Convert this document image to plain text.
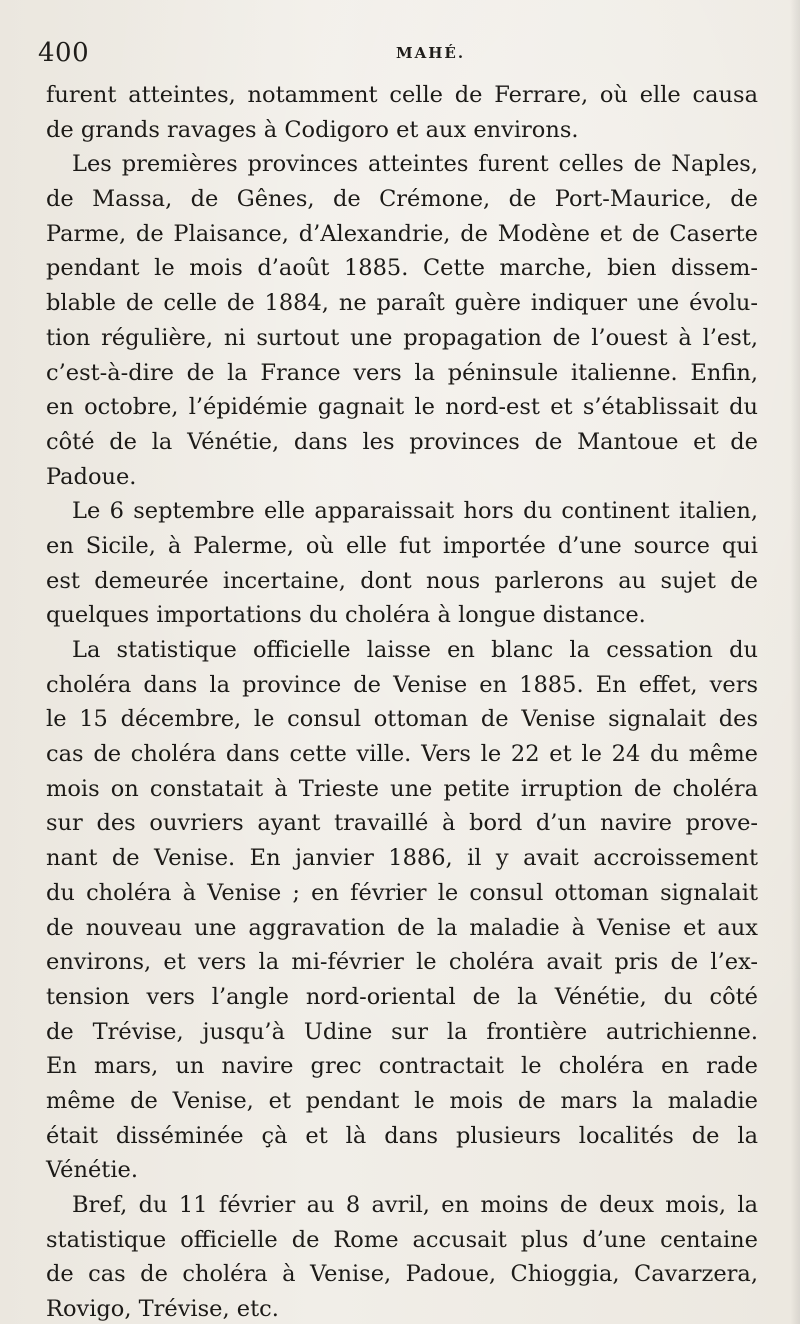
400	MAHÉ.
furent atteintes, notamment celle de Ferrare, où elle causa
de grands ravages à Codigoro et aux environs.
Les premières provinces atteintes furent celles de Naples,
de Massa, de Gênes, de Crémone, de Port-Maurice, de
Parme, de Plaisance, d’Alexandrie, de Modène et de Caserte
pendant le mois d’août 1885. Cette marche, bien dissem-
blable de celle de 1884, ne paraît guère indiquer une évolu-
tion régulière, ni surtout une propagation de l’ouest à l’est,
c’est-à-dire de la France vers la péninsule italienne. Enfin,
en octobre, l’épidémie gagnait le nord-est et s’établissait du
côté de la Vénétie, dans les provinces de Mantoue et de
Padoue.
Le 6 septembre elle apparaissait hors du continent italien,
en Sicile, à Palerme, où elle fut importée d’une source qui
est demeurée incertaine, dont nous parlerons au sujet de
quelques importations du choléra à longue distance.
La statistique officielle laisse en blanc la cessation du
choléra dans la province de Venise en 1885. En effet, vers
le 15 décembre, le consul ottoman de Venise signalait des
cas de choléra dans cette ville. Vers le 22 et le 24 du même
mois on constatait à Trieste une petite irruption de choléra
sur des ouvriers ayant travaillé à bord d’un navire prove-
nant de Venise. En janvier 1886, il y avait accroissement
du choléra à Venise ; en février le consul ottoman signalait
de nouveau une aggravation de la maladie à Venise et aux
environs, et vers la mi-février le choléra avait pris de l’ex-
tension vers l’angle nord-oriental de la Vénétie, du côté
de Trévise, jusqu’à Udine sur la frontière autrichienne.
En mars, un navire grec contractait le choléra en rade
même de Venise, et pendant le mois de mars la maladie
était disséminée çà et là dans plusieurs localités de la
Vénétie.
Bref, du 11 février au 8 avril, en moins de deux mois, la
statistique officielle de Rome accusait plus d’une centaine
de cas de choléra à Venise, Padoue, Chioggia, Cavarzera,
Rovigo, Trévise, etc.
